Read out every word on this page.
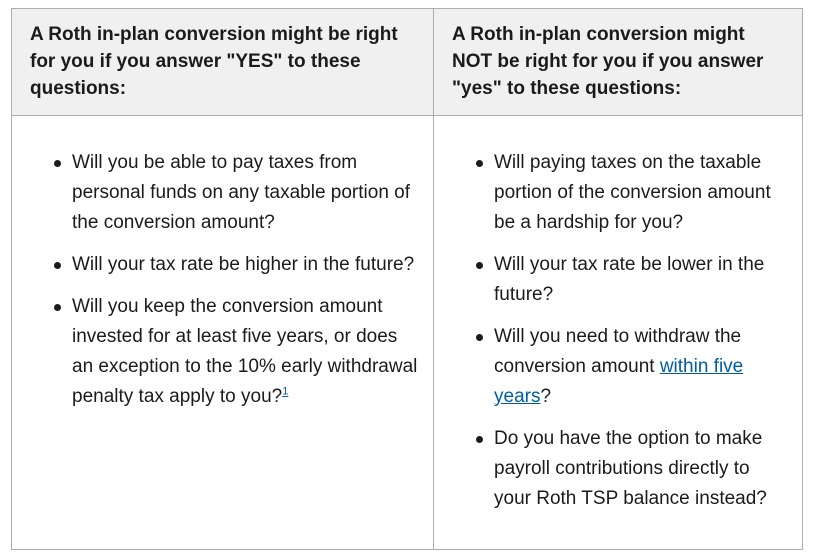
A Roth in-plan conversion might be right for you if you answer "YES" to these questions:
A Roth in-plan conversion might NOT be right for you if you answer "yes" to these questions:
Will you be able to pay taxes from personal funds on any taxable portion of the conversion amount?
Will your tax rate be higher in the future?
Will you keep the conversion amount invested for at least five years, or does an exception to the 10% early withdrawal penalty tax apply to you?$^1$
Will paying taxes on the taxable portion of the conversion amount be a hardship for you?
Will your tax rate be lower in the future?
Will you need to withdraw the conversion amount within five years?
Do you have the option to make payroll contributions directly to your Roth TSP balance instead?
